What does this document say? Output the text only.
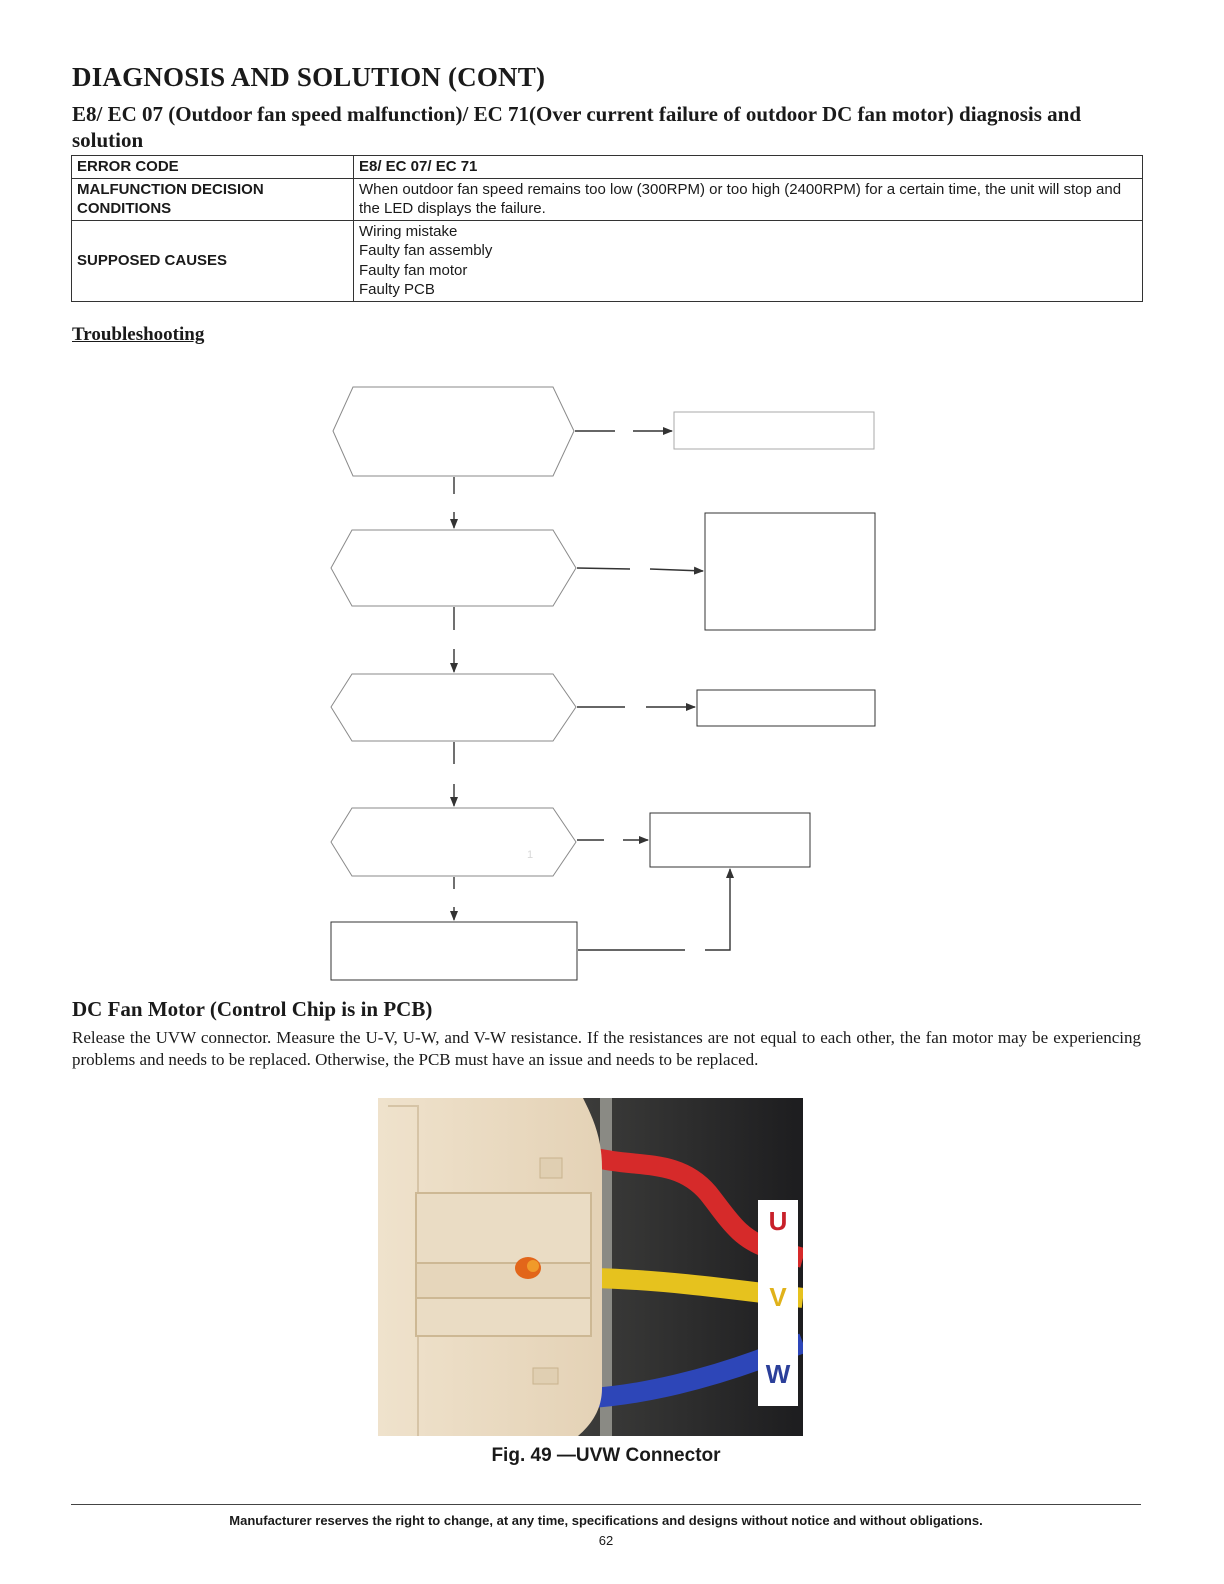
DIAGNOSIS AND SOLUTION (CONT)
E8/ EC 07 (Outdoor fan speed malfunction)/ EC 71(Over current failure of outdoor DC fan motor) diagnosis and solution
ERROR CODE	E8/ EC 07/ EC 71
MALFUNCTION DECISION CONDITIONS	When outdoor fan speed remains too low (300RPM) or too high (2400RPM) for a certain time, the unit will stop and the LED displays the failure.
SUPPOSED CAUSES	Wiring mistake
Faulty fan assembly
Faulty fan motor
Faulty PCB
Troubleshooting
1
DC Fan Motor (Control Chip is in PCB)
Release the UVW connector. Measure the U-V, U-W, and V-W resistance. If the resistances are not equal to each other, the fan motor may be experiencing problems and needs to be replaced. Otherwise, the PCB must have an issue and needs to be replaced.
U
V
W
Fig. 49 —UVW Connector
Manufacturer reserves the right to change, at any time, specifications and designs without notice and without obligations.
62
